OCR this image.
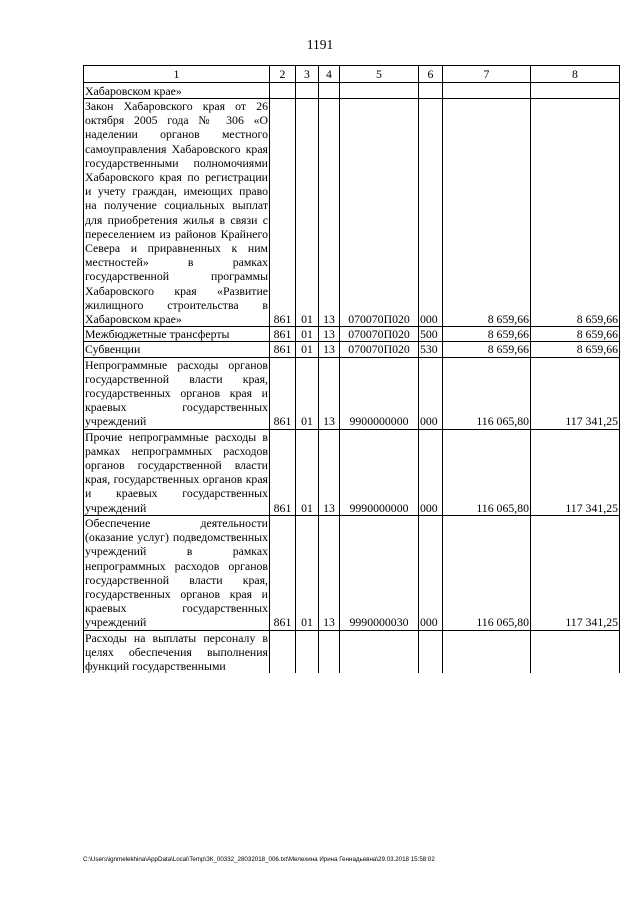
1191
1	2	3	4	5	6	7	8
Хабаровском крае»							
Закон Хабаровского края от 26 октября 2005 года № 306 «О наделении органов местного самоуправления Хабаровского края государственными полномочиями Хабаровского края по регистрации и учету граждан, имеющих право на получение социальных выплат для приобретения жилья в связи с переселением из районов Крайнего Севера и приравненных к ним местностей» в рамках государственной программы Хабаровского края «Развитие жилищного строительства в Хабаровском крае»	861	01	13	070070П020	000	8 659,66	8 659,66
Межбюджетные трансферты	861	01	13	070070П020	500	8 659,66	8 659,66
Субвенции	861	01	13	070070П020	530	8 659,66	8 659,66
Непрограммные расходы органов государственной власти края, государственных органов края и краевых государственных учреждений	861	01	13	9900000000	000	116 065,80	117 341,25
Прочие непрограммные расходы в рамках непрограммных расходов органов государственной власти края, государственных органов края и краевых государственных учреждений	861	01	13	9990000000	000	116 065,80	117 341,25
Обеспечение деятельности (оказание услуг) подведомственных учреждений в рамках непрограммных расходов органов государственной власти края, государственных органов края и краевых государственных учреждений	861	01	13	9990000030	000	116 065,80	117 341,25
Расходы на выплаты персоналу в целях обеспечения выполнения функций государственными							
C:\Users\ignmelekhina\AppData\Local\Temp\ЗК_00332_28032018_006.txt\Мелехина Ирина Геннадьевна\29.03.2018 15:58:02
